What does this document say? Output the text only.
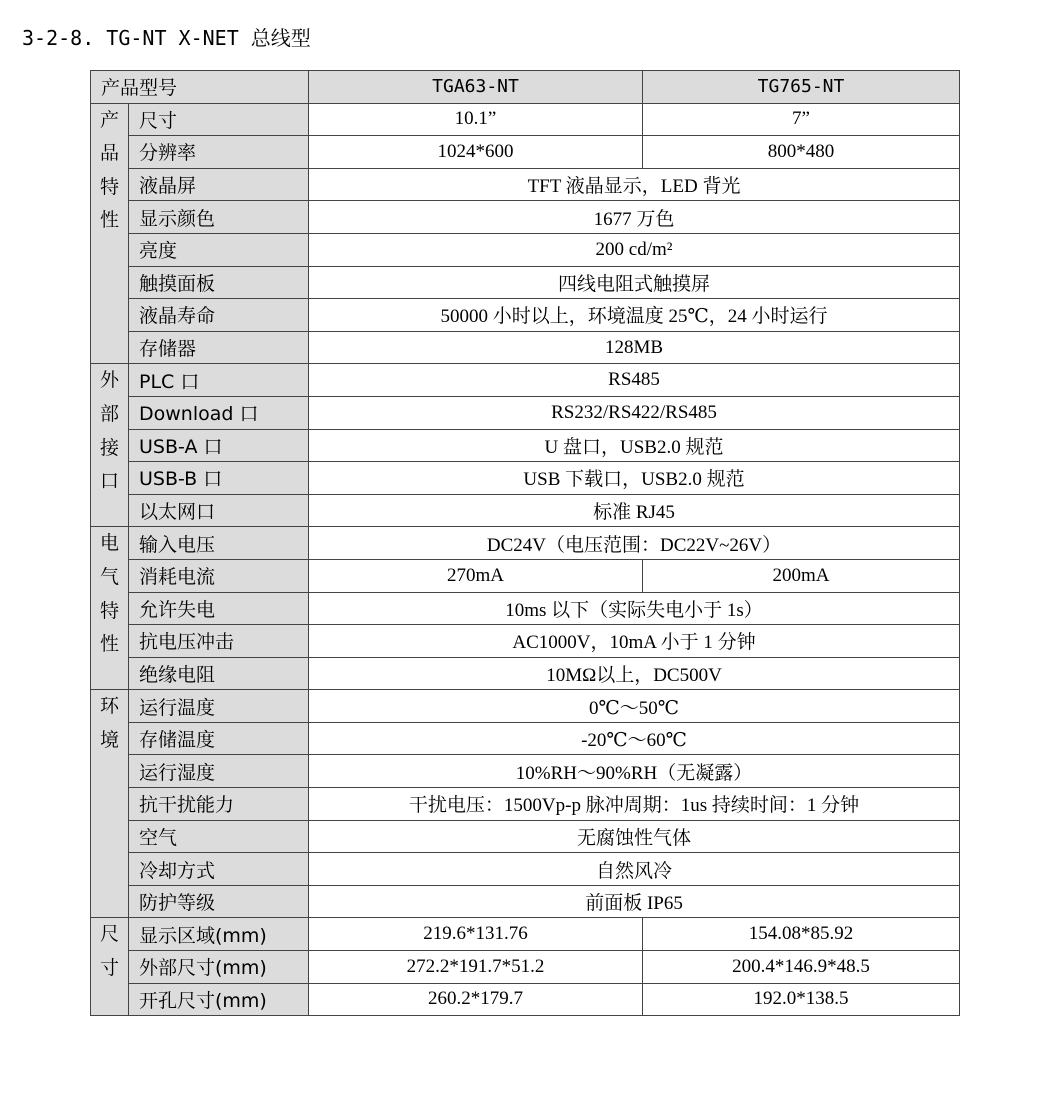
3-2-8. TG-NT X-NET 总线型
产品型号		TGA63-NT	TG765-NT
产品特性	尺寸	10.1”	7”
	分辨率	1024*600	800*480
	液晶屏	TFT 液晶显示，LED 背光	
	显示颜色	1677 万色	
	亮度	200 cd/m²	
	触摸面板	四线电阻式触摸屏	
	液晶寿命	50000 小时以上，环境温度 25℃，24 小时运行	
	存储器	128MB	
外部接口	PLC 口	RS485	
	Download 口	RS232/RS422/RS485	
	USB-A 口	U 盘口，USB2.0 规范	
	USB-B 口	USB 下载口，USB2.0 规范	
	以太网口	标准 RJ45	
电气特性	输入电压	DC24V（电压范围：DC22V~26V）	
	消耗电流	270mA	200mA
	允许失电	10ms 以下（实际失电小于 1s）	
	抗电压冲击	AC1000V，10mA 小于 1 分钟	
	绝缘电阻	10MΩ以上，DC500V	
环境	运行温度	0℃～50℃	
	存储温度	-20℃～60℃	
	运行湿度	10%RH～90%RH（无凝露）	
	抗干扰能力	干扰电压：1500Vp-p 脉冲周期：1us 持续时间：1 分钟	
	空气	无腐蚀性气体	
	冷却方式	自然风冷	
	防护等级	前面板 IP65	
尺寸	显示区域(mm)	219.6*131.76	154.08*85.92
	外部尺寸(mm)	272.2*191.7*51.2	200.4*146.9*48.5
	开孔尺寸(mm)	260.2*179.7	192.0*138.5
